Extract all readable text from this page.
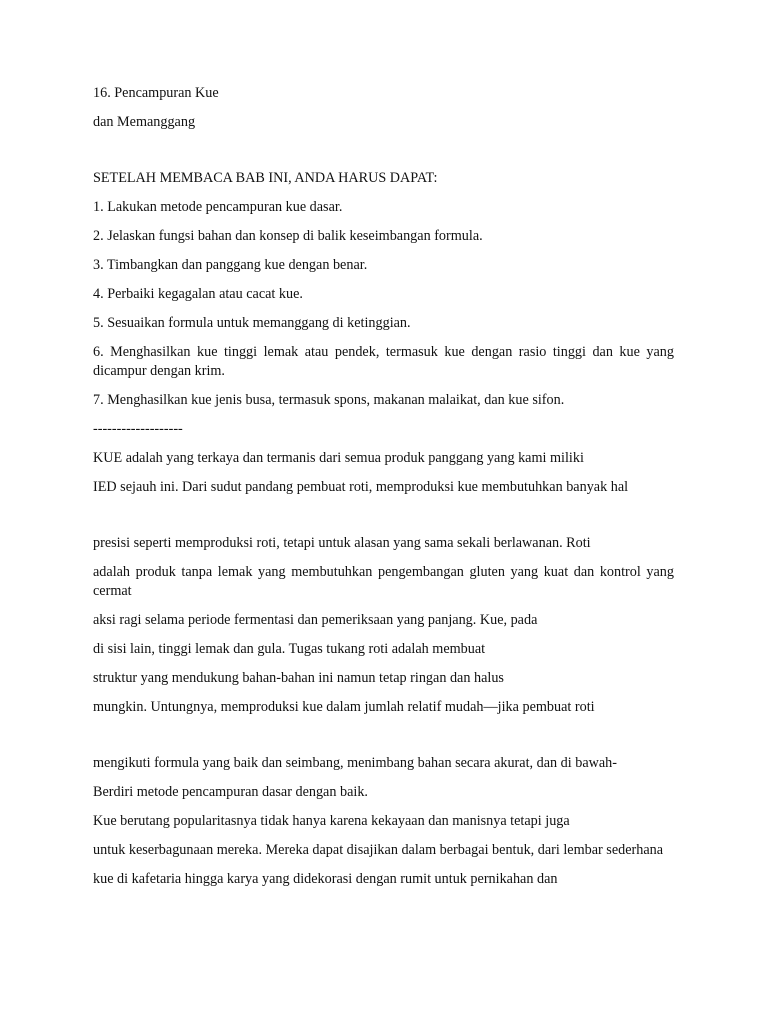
16. Pencampuran Kue

dan Memanggang

SETELAH MEMBACA BAB INI, ANDA HARUS DAPAT:

1. Lakukan metode pencampuran kue dasar.

2. Jelaskan fungsi bahan dan konsep di balik keseimbangan formula.

3. Timbangkan dan panggang kue dengan benar.

4. Perbaiki kegagalan atau cacat kue.

5. Sesuaikan formula untuk memanggang di ketinggian.

6. Menghasilkan kue tinggi lemak atau pendek, termasuk kue dengan rasio tinggi dan kue yang dicampur dengan krim.

7. Menghasilkan kue jenis busa, termasuk spons, makanan malaikat, dan kue sifon.

-------------------

KUE adalah yang terkaya dan termanis dari semua produk panggang yang kami miliki

IED sejauh ini. Dari sudut pandang pembuat roti, memproduksi kue membutuhkan banyak hal

presisi seperti memproduksi roti, tetapi untuk alasan yang sama sekali berlawanan. Roti

adalah produk tanpa lemak yang membutuhkan pengembangan gluten yang kuat dan kontrol yang cermat

aksi ragi selama periode fermentasi dan pemeriksaan yang panjang. Kue, pada

di sisi lain, tinggi lemak dan gula. Tugas tukang roti adalah membuat

struktur yang mendukung bahan-bahan ini namun tetap ringan dan halus

mungkin. Untungnya, memproduksi kue dalam jumlah relatif mudah—jika pembuat roti

mengikuti formula yang baik dan seimbang, menimbang bahan secara akurat, dan di bawah-

Berdiri metode pencampuran dasar dengan baik.

Kue berutang popularitasnya tidak hanya karena kekayaan dan manisnya tetapi juga

untuk keserbagunaan mereka. Mereka dapat disajikan dalam berbagai bentuk, dari lembar sederhana

kue di kafetaria hingga karya yang didekorasi dengan rumit untuk pernikahan dan
